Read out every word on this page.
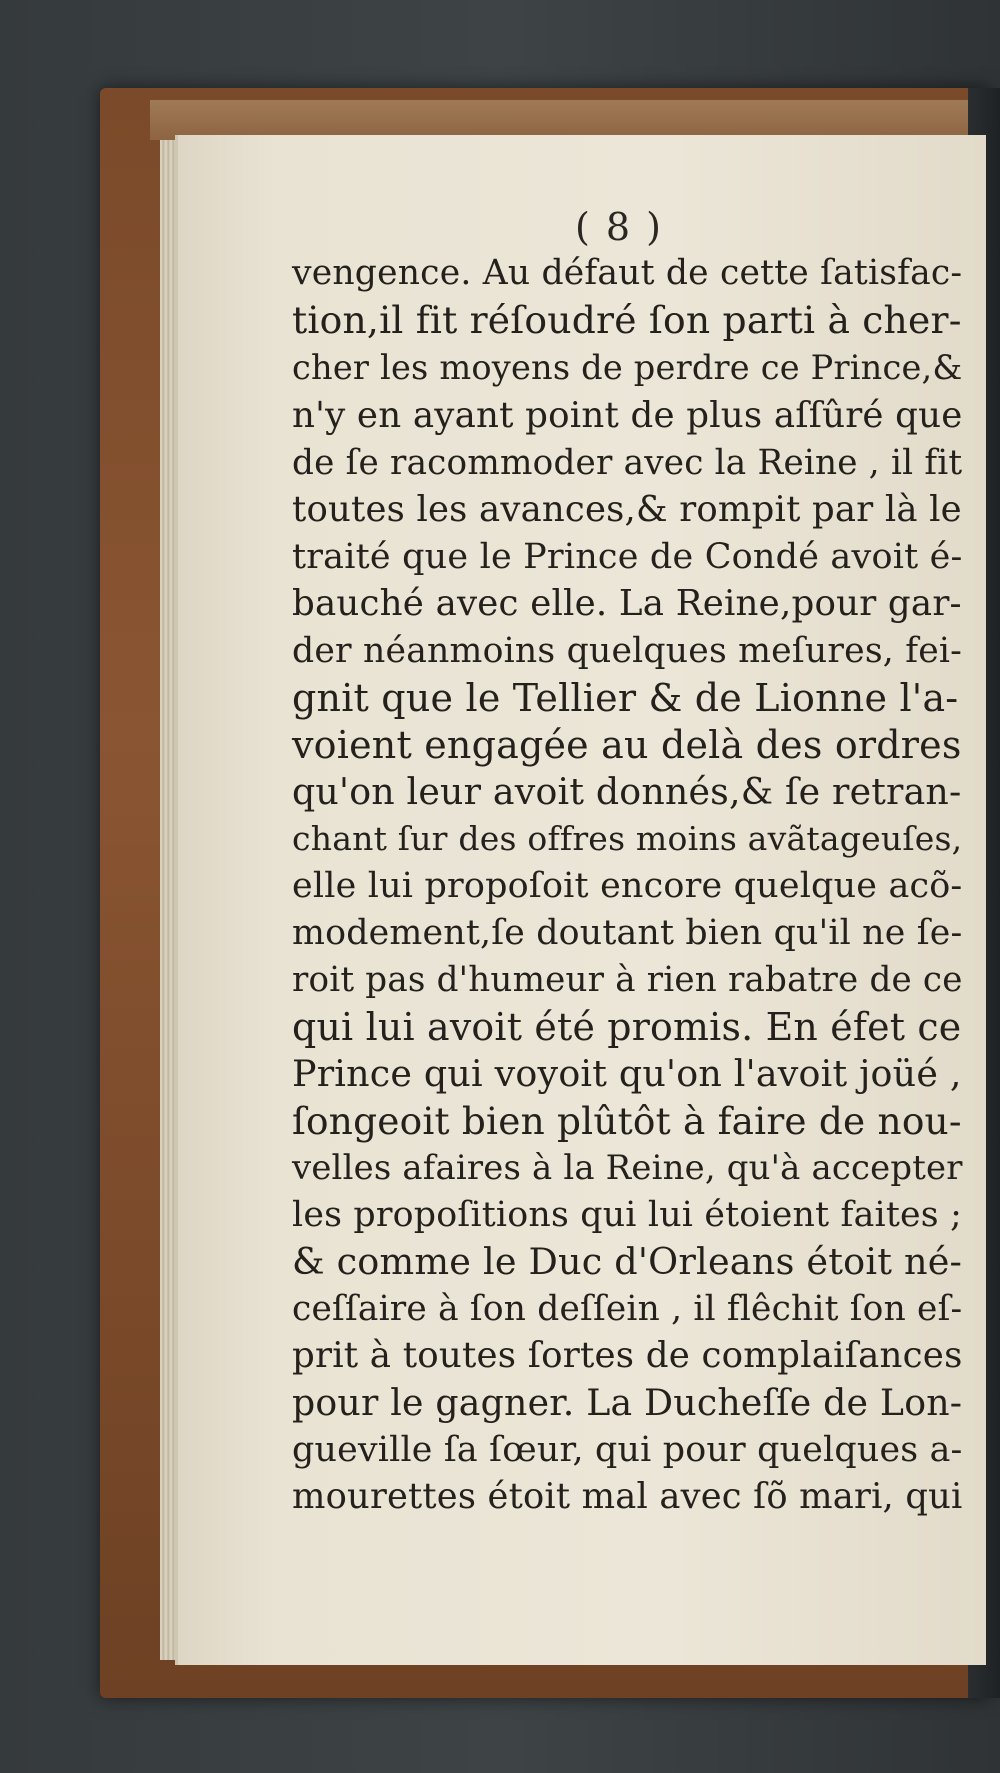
( 8 )
vengence. Au défaut de cette ſatisfac-
tion,il fit réſoudré ſon parti à cher-
cher les moyens de perdre ce Prince,&
n'y en ayant point de plus aſſûré que
de ſe racommoder avec la Reine , il fit
toutes les avances,& rompit par là le
traité que le Prince de Condé avoit é-
bauché avec elle. La Reine,pour gar-
der néanmoins quelques meſures, fei-
gnit que le Tellier & de Lionne l'a-
voient engagée au delà des ordres
qu'on leur avoit donnés,& ſe retran-
chant ſur des offres moins avãtageuſes,
elle lui propoſoit encore quelque acõ-
modement,ſe doutant bien qu'il ne ſe-
roit pas d'humeur à rien rabatre de ce
qui lui avoit été promis. En éfet ce
Prince qui voyoit qu'on l'avoit joüé ,
ſongeoit bien plûtôt à faire de nou-
velles afaires à la Reine, qu'à accepter
les propoſitions qui lui étoient faites ;
& comme le Duc d'Orleans étoit né-
ceſſaire à ſon deſſein , il flêchit ſon eſ-
prit à toutes ſortes de complaiſances
pour le gagner. La Ducheſſe de Lon-
gueville ſa ſœur, qui pour quelques a-
mourettes étoit mal avec ſõ mari, qui
